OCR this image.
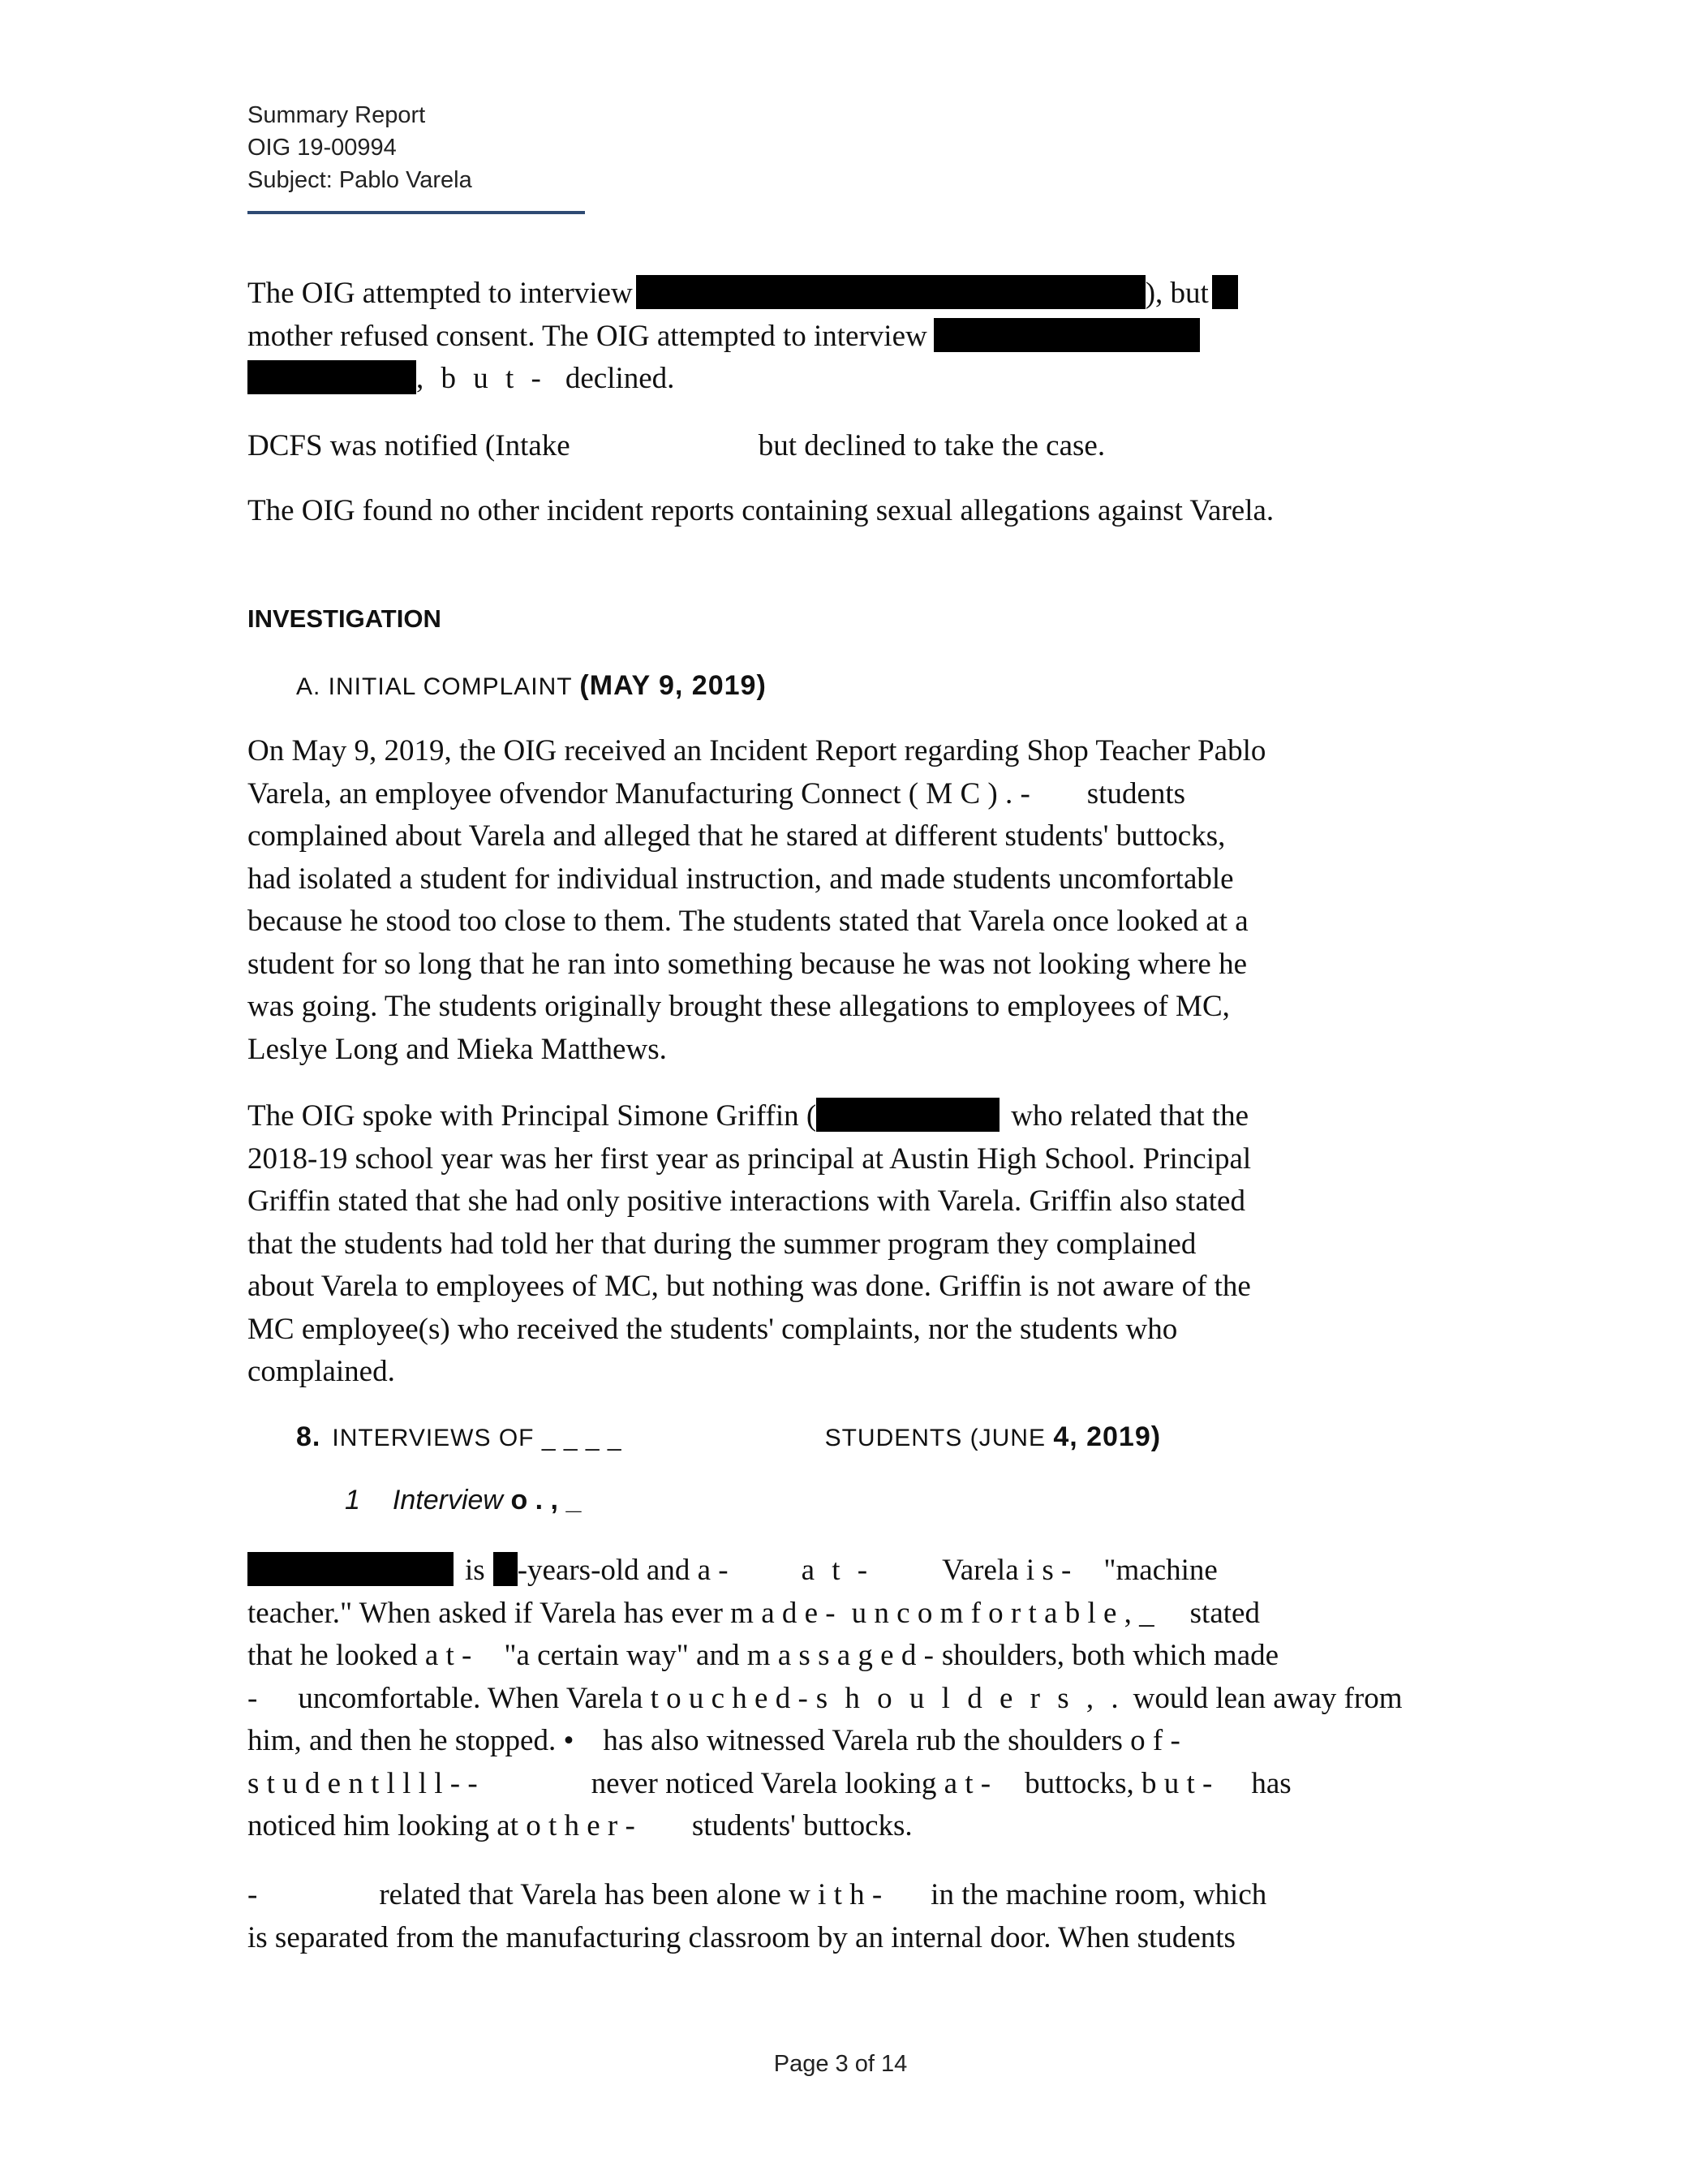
Summary Report
OIG 19-00994
Subject: Pablo Varela
The OIG attempted to interview	), but
mother refused consent. The OIG attempted to interview
, b u t - declined.
DCFS was notified (Intake	but declined to take the case.
The OIG found no other incident reports containing sexual allegations against Varela.
INVESTIGATION
A. INITIAL COMPLAINT (MAY 9, 2019)
On May 9, 2019, the OIG received an Incident Report regarding Shop Teacher Pablo
Varela, an employee ofvendor Manufacturing Connect ( M C ) . - students
complained about Varela and alleged that he stared at different students' buttocks,
had isolated a student for individual instruction, and made students uncomfortable
because he stood too close to them. The students stated that Varela once looked at a
student for so long that he ran into something because he was not looking where he
was going. The students originally brought these allegations to employees of MC,
Leslye Long and Mieka Matthews.
The OIG spoke with Principal Simone Griffin (	who related that the
2018-19 school year was her first year as principal at Austin High School. Principal
Griffin stated that she had only positive interactions with Varela. Griffin also stated
that the students had told her that during the summer program they complained
about Varela to employees of MC, but nothing was done. Griffin is not aware of the
MC employee(s) who received the students' complaints, nor the students who
complained.
8. INTERVIEWS OF _ _ _ _	STUDENTS (JUNE 4, 2019)
1 Interview o . , _
is -years-old and a - a t - Varela i s - "machine
teacher." When asked if Varela has ever m a d e - u n c o m f o r t a b l e , _ stated
that he looked a t - "a certain way" and m a s s a g e d - shoulders, both which made
- uncomfortable. When Varela t o u c h e d - s h o u l d e r s , . would lean away from
him, and then he stopped. • has also witnessed Varela rub the shoulders o f -
s t u d e n t l l l l - -	never noticed Varela looking a t - buttocks, b u t - has
noticed him looking at o t h e r - students' buttocks.
-	related that Varela has been alone w i t h - in the machine room, which
is separated from the manufacturing classroom by an internal door. When students
Page 3 of 14
